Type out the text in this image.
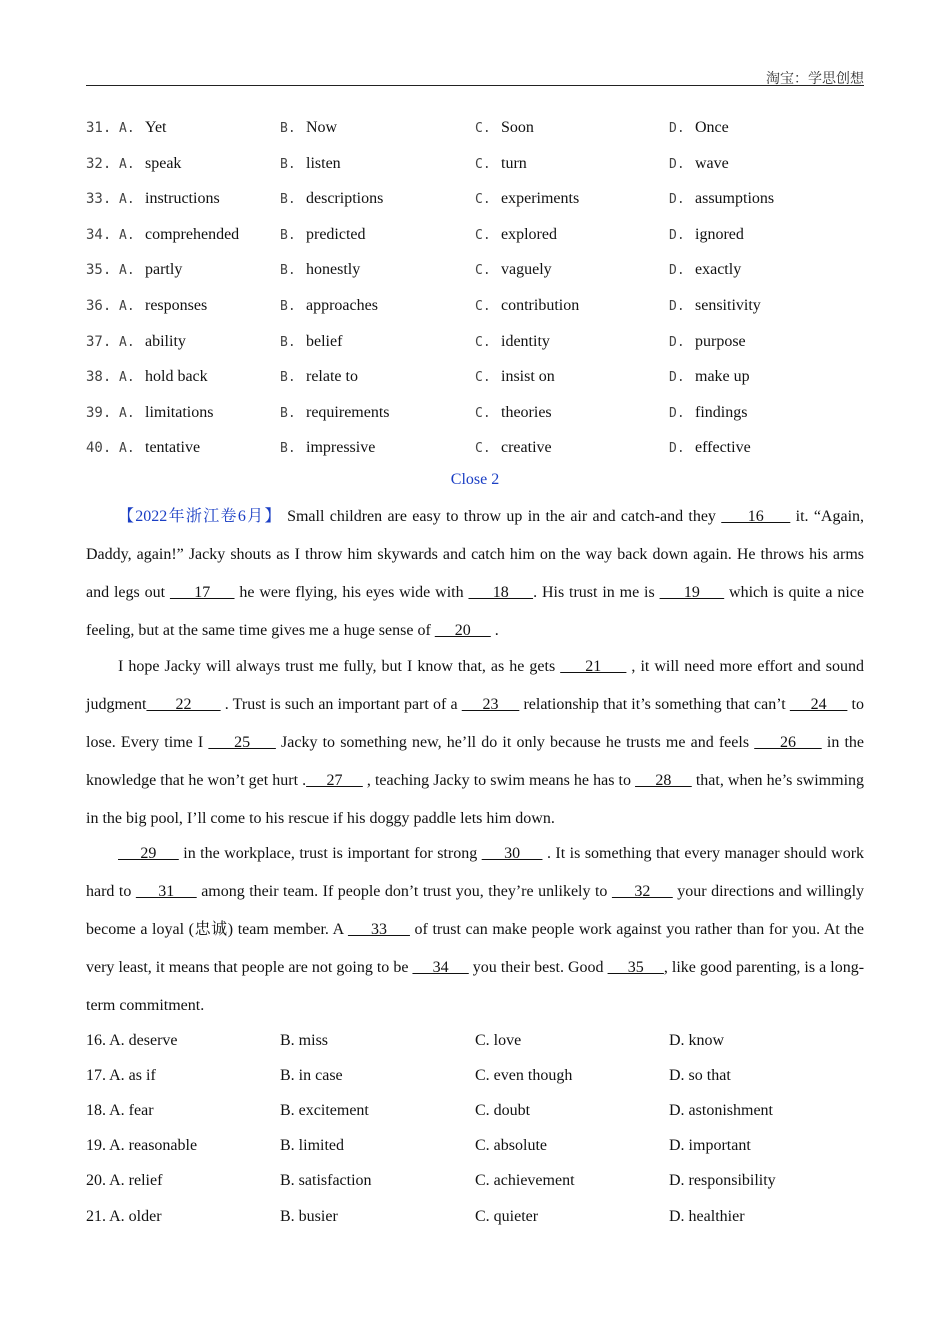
淘宝：学思创想
31. A. Yet	B. Now	C. Soon	D. Once
32. A. speak	B. listen	C. turn	D. wave
33. A. instructions	B. descriptions	C. experiments	D. assumptions
34. A. comprehended	B. predicted	C. explored	D. ignored
35. A. partly	B. honestly	C. vaguely	D. exactly
36. A. responses	B. approaches	C. contribution	D. sensitivity
37. A. ability	B. belief	C. identity	D. purpose
38. A. hold back	B. relate to	C. insist on	D. make up
39. A. limitations	B. requirements	C. theories	D. findings
40. A. tentative	B. impressive	C. creative	D. effective
Close 2

【2022年浙江卷6月】 Small children are easy to throw up in the air and catch-and they      16      it. “Again, Daddy, again!” Jacky shouts as I throw him skywards and catch him on the way back down again. He throws his arms and legs out      17      he were flying, his eyes wide with      18     . His trust in me is      19      which is quite a nice feeling, but at the same time gives me a huge sense of      20      .

I hope Jacky will always trust me fully, but I know that, as he gets      21      , it will need more effort and sound judgment       22        . Trust is such an important part of a      23      relationship that it’s something that can’t      24      to lose. Every time I      25      Jacky to something new, he’ll do it only because he trusts me and feels      26      in the knowledge that he won’t get hurt .     27      , teaching Jacky to swim means he has to      28      that, when he’s swimming in the big pool, I’ll come to his rescue if his doggy paddle lets him down.

29      in the workplace, trust is important for strong      30      . It is something that every manager should work hard to      31      among their team. If people don’t trust you, they’re unlikely to      32      your directions and willingly become a loyal (忠诚) team member. A      33      of trust can make people work against you rather than for you. At the very least, it means that people are not going to be      34      you their best. Good      35     , like good parenting, is a long-term commitment.

16. A. deserve	B. miss	C. love	D. know
17. A. as if	B. in case	C. even though	D. so that
18. A. fear	B. excitement	C. doubt	D. astonishment
19. A. reasonable	B. limited	C. absolute	D. important
20. A. relief	B. satisfaction	C. achievement	D. responsibility
21. A. older	B. busier	C. quieter	D. healthier
